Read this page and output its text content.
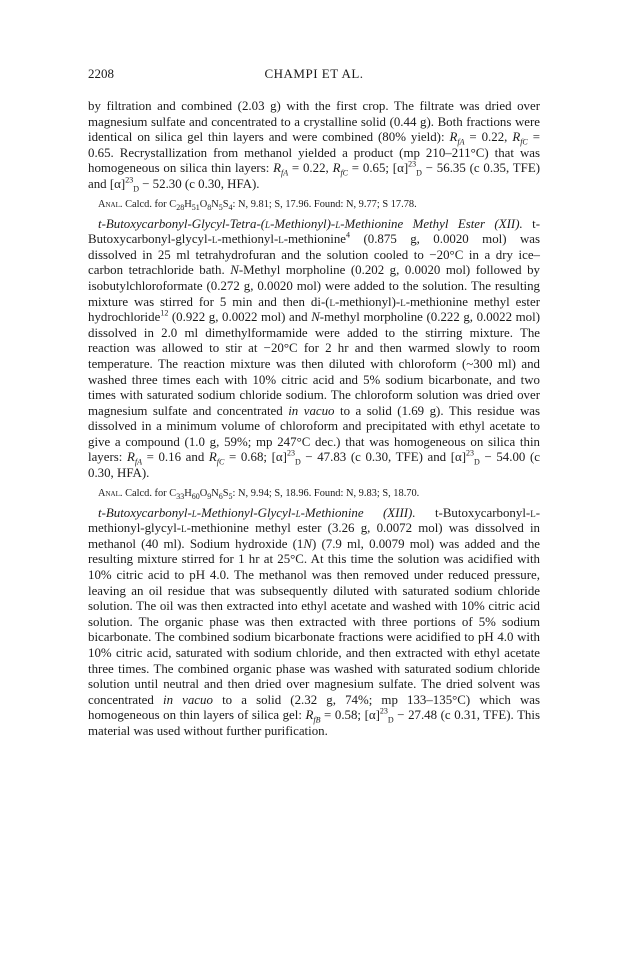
2208	CHAMPI ET AL.

by filtration and combined (2.03 g) with the first crop. The filtrate was dried over magnesium sulfate and concentrated to a crystalline solid (0.44 g). Both fractions were identical on silica gel thin layers and were combined (80% yield): $R_{fA} = 0.22$, $R_{fC} = 0.65$. Recrystallization from methanol yielded a product (mp 210–211°C) that was homogeneous on silica thin layers: $R_{fA} = 0.22$, $R_{fC} = 0.65$; $[\alpha]^{23}_D - 56.35$ (c 0.35, TFE) and $[\alpha]^{23}_D - 52.30$ (c 0.30, HFA).

Anal. Calcd. for $C_{28}H_{51}O_8N_5S_4$: N, 9.81; S, 17.96. Found: N, 9.77; S 17.78.

t-Butoxycarbonyl-Glycyl-Tetra-(l-Methionyl)-l-Methionine Methyl Ester (XII). t-Butoxycarbonyl-glycyl-l-methionyl-l-methionine$^4$ (0.875 g, 0.0020 mol) was dissolved in 25 ml tetrahydrofuran and the solution cooled to −20°C in a dry ice–carbon tetrachloride bath. N-Methyl morpholine (0.202 g, 0.0020 mol) followed by isobutylchloroformate (0.272 g, 0.0020 mol) were added to the solution. The resulting mixture was stirred for 5 min and then di-(l-methionyl)-l-methionine methyl ester hydrochloride$^{12}$ (0.922 g, 0.0022 mol) and N-methyl morpholine (0.222 g, 0.0022 mol) dissolved in 2.0 ml dimethylformamide were added to the stirring mixture. The reaction was allowed to stir at −20°C for 2 hr and then warmed slowly to room temperature. The reaction mixture was then diluted with chloroform (~300 ml) and washed three times each with 10% citric acid and 5% sodium bicarbonate, and two times with saturated sodium chloride sodium. The chloroform solution was dried over magnesium sulfate and concentrated in vacuo to a solid (1.69 g). This residue was dissolved in a minimum volume of chloroform and precipitated with ethyl acetate to give a compound (1.0 g, 59%; mp 247°C dec.) that was homogeneous on silica thin layers: $R_{fA} = 0.16$ and $R_{fC} = 0.68$; $[\alpha]^{23}_D - 47.83$ (c 0.30, TFE) and $[\alpha]^{23}_D - 54.00$ (c 0.30, HFA).

Anal. Calcd. for $C_{33}H_{60}O_9N_6S_5$: N, 9.94; S, 18.96. Found: N, 9.83; S, 18.70.

t-Butoxycarbonyl-l-Methionyl-Glycyl-l-Methionine (XIII). t-Butoxycarbonyl-l-methionyl-glycyl-l-methionine methyl ester (3.26 g, 0.0072 mol) was dissolved in methanol (40 ml). Sodium hydroxide (1N) (7.9 ml, 0.0079 mol) was added and the resulting mixture stirred for 1 hr at 25°C. At this time the solution was acidified with 10% citric acid to pH 4.0. The methanol was then removed under reduced pressure, leaving an oil residue that was subsequently diluted with saturated sodium chloride solution. The oil was then extracted into ethyl acetate and washed with 10% citric acid solution. The organic phase was then extracted with three portions of 5% sodium bicarbonate. The combined sodium bicarbonate fractions were acidified to pH 4.0 with 10% citric acid, saturated with sodium chloride, and then extracted with ethyl acetate three times. The combined organic phase was washed with saturated sodium chloride solution until neutral and then dried over magnesium sulfate. The dried solvent was concentrated in vacuo to a solid (2.32 g, 74%; mp 133–135°C) which was homogeneous on thin layers of silica gel: $R_{fB} = 0.58$; $[\alpha]^{23}_D - 27.48$ (c 0.31, TFE). This material was used without further purification.
